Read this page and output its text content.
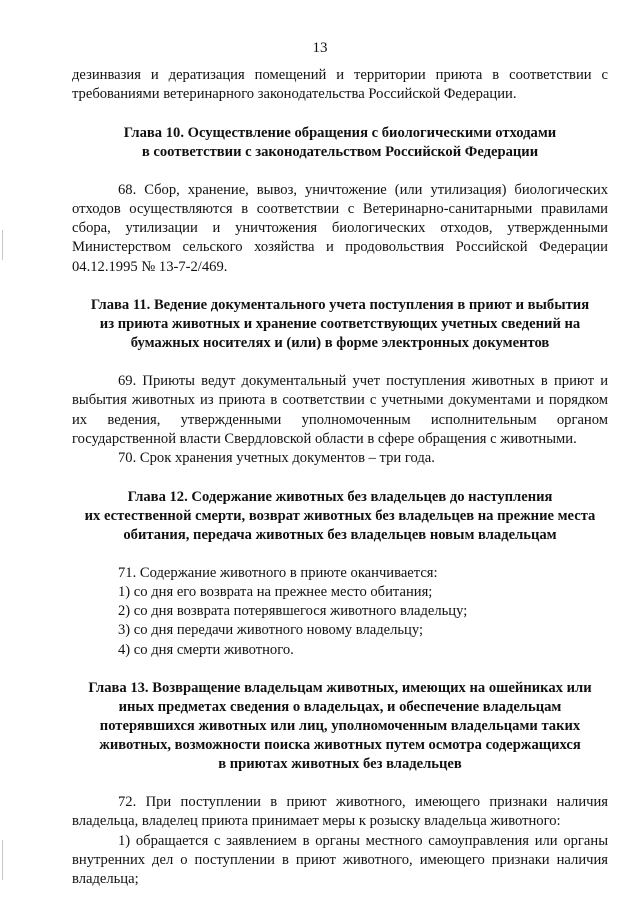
13

дезинвазия и дератизация помещений и территории приюта в соответствии с требованиями ветеринарного законодательства Российской Федерации.

Глава 10. Осуществление обращения с биологическими отходами

в соответствии с законодательством Российской Федерации

68. Сбор, хранение, вывоз, уничтожение (или утилизация) биологических отходов осуществляются в соответствии с Ветеринарно-санитарными правилами сбора, утилизации и уничтожения биологических отходов, утвержденными Министерством сельского хозяйства и продовольствия Российской Федерации 04.12.1995 № 13-7-2/469.

Глава 11. Ведение документального учета поступления в приют и выбытия

из приюта животных и хранение соответствующих учетных сведений на

бумажных носителях и (или) в форме электронных документов

69. Приюты ведут документальный учет поступления животных в приют и выбытия животных из приюта в соответствии с учетными документами и порядком их ведения, утвержденными уполномоченным исполнительным органом государственной власти Свердловской области в сфере обращения с животными.

70. Срок хранения учетных документов – три года.

Глава 12. Содержание животных без владельцев до наступления

их естественной смерти, возврат животных без владельцев на прежние места

обитания, передача животных без владельцев новым владельцам

71. Содержание животного в приюте оканчивается:

1) со дня его возврата на прежнее место обитания;

2) со дня возврата потерявшегося животного владельцу;

3) со дня передачи животного новому владельцу;

4) со дня смерти животного.

Глава 13. Возвращение владельцам животных, имеющих на ошейниках или

иных предметах сведения о владельцах, и обеспечение владельцам

потерявшихся животных или лиц, уполномоченным владельцами таких

животных, возможности поиска животных путем осмотра содержащихся

в приютах животных без владельцев

72. При поступлении в приют животного, имеющего признаки наличия владельца, владелец приюта принимает меры к розыску владельца животного:

1) обращается с заявлением в органы местного самоуправления или органы внутренних дел о поступлении в приют животного, имеющего признаки наличия владельца;
